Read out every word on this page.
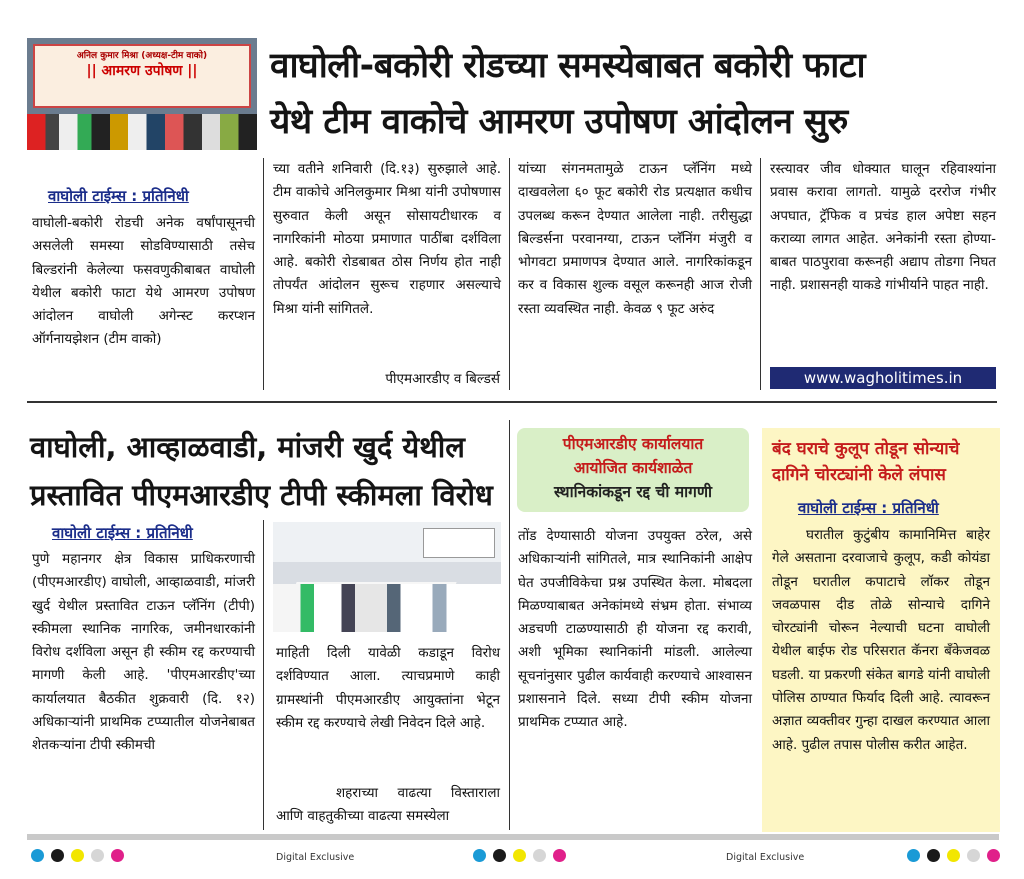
अनिल कुमार मिश्रा (अध्यक्ष-टीम वाको)
|| आमरण उपोषण ||	वाघोली-बकोरी रोडच्या समस्येबाबत बकोरी फाटा
येथे टीम वाकोचे आमरण उपोषण आंदोलन सुरु
वाघोली टाईम्स : प्रतिनिधी
वाघोली-बकोरी रोडची अनेक वर्षांपासूनची असलेली समस्या सोडविण्यासाठी तसेच बिल्डरांनी केलेल्या फसवणुकीबाबत वाघोली येथील बकोरी फाटा येथे आमरण उपोषण आंदोलन वाघोली अगेन्स्ट करप्शन ऑर्गनायझेशन (टीम वाको)
च्या वतीने शनिवारी (दि.१३) सुरुझाले आहे. टीम वाकोचे अनिलकुमार मिश्रा यांनी उपोषणास सुरुवात केली असून सोसायटीधारक व नागरिकांनी मोठया प्रमाणात पाठींबा दर्शविला आहे. बकोरी रोडबाबत ठोस निर्णय होत नाही तोपर्यंत आंदोलन सुरूच राहणार असल्याचे मिश्रा यांनी सांगितले.
पीएमआरडीए व बिल्डर्स
यांच्या संगनमतामुळे टाऊन प्लॅनिंग मध्ये दाखवलेला ६० फूट बकोरी रोड प्रत्यक्षात कधीच उपलब्ध करून देण्यात आलेला नाही. तरीसुद्धा बिल्डर्सना परवानग्या, टाऊन प्लॅनिंग मंजुरी व भोगवटा प्रमाणपत्र देण्यात आले. नागरिकांकडून कर व विकास शुल्क वसूल करूनही आज रोजी रस्ता व्यवस्थित नाही. केवळ ९ फूट अरुंद
रस्त्यावर जीव धोक्यात घालून रहिवाश्यांना प्रवास करावा लागतो. यामुळे दररोज गंभीर अपघात, ट्रॅफिक व प्रचंड हाल अपेष्टा सहन कराव्या लागत आहेत. अनेकांनी रस्ता होण्या-बाबत पाठपुरावा करूनही अद्याप तोडगा निघत नाही. प्रशासनही याकडे गांभीर्याने पाहत नाही.
www.wagholitimes.in
वाघोली, आव्हाळवाडी, मांजरी खुर्द येथील
प्रस्तावित पीएमआरडीए टीपी स्कीमला विरोध
वाघोली टाईम्स : प्रतिनिधी
पुणे महानगर क्षेत्र विकास प्राधिकरणाची (पीएमआरडीए) वाघोली, आव्हाळवाडी, मांजरी खुर्द येथील प्रस्तावित टाऊन प्लॅनिंग (टीपी) स्कीमला स्थानिक नागरिक, जमीनधारकांनी विरोध दर्शविला असून ही स्कीम रद्द करण्याची मागणी केली आहे. 'पीएमआरडीए'च्या कार्यालयात बैठकीत शुक्रवारी (दि. १२) अधिकाऱ्यांनी प्राथमिक टप्प्यातील योजनेबाबत शेतकऱ्यांना टीपी स्कीमची
माहिती दिली यावेळी कडाडून विरोध दर्शविण्यात आला. त्याचप्रमाणे काही ग्रामस्थांनी पीएमआरडीए आयुक्तांना भेटून स्कीम रद्द करण्याचे लेखी निवेदन दिले आहे.
शहराच्या वाढत्या विस्ताराला आणि वाहतुकीच्या वाढत्या समस्येला
पीएमआरडीए कार्यालयात
आयोजित कार्यशाळेत
स्थानिकांकडून रद्द ची मागणी
तोंड देण्यासाठी योजना उपयुक्त ठरेल, असे अधिकाऱ्यांनी सांगितले, मात्र स्थानिकांनी आक्षेप घेत उपजीविकेचा प्रश्न उपस्थित केला. मोबदला मिळण्याबाबत अनेकांमध्ये संभ्रम होता. संभाव्य अडचणी टाळण्यासाठी ही योजना रद्द करावी, अशी भूमिका स्थानिकांनी मांडली. आलेल्या सूचनांनुसार पुढील कार्यवाही करण्याचे आश्वासन प्रशासनाने दिले. सध्या टीपी स्कीम योजना प्राथमिक टप्प्यात आहे.
बंद घराचे कुलूप तोडून सोन्याचे
दागिने चोरट्यांनी केले लंपास
वाघोली टाईम्स : प्रतिनिधी
घरातील कुटुंबीय कामानिमित्त बाहेर गेले असताना दरवाजाचे कुलूप, कडी कोयंडा तोडून घरातील कपाटाचे लॉकर तोडून जवळपास दीड तोळे सोन्याचे दागिने चोरट्यांनी चोरून नेल्याची घटना वाघोली येथील बाईफ रोड परिसरात कॅनरा बँकेजवळ घडली. या प्रकरणी संकेत बागडे यांनी वाघोली पोलिस ठाण्यात फिर्याद दिली आहे. त्यावरून अज्ञात व्यक्तीवर गुन्हा दाखल करण्यात आला आहे. पुढील तपास पोलीस करीत आहेत.
Digital Exclusive	Digital Exclusive
